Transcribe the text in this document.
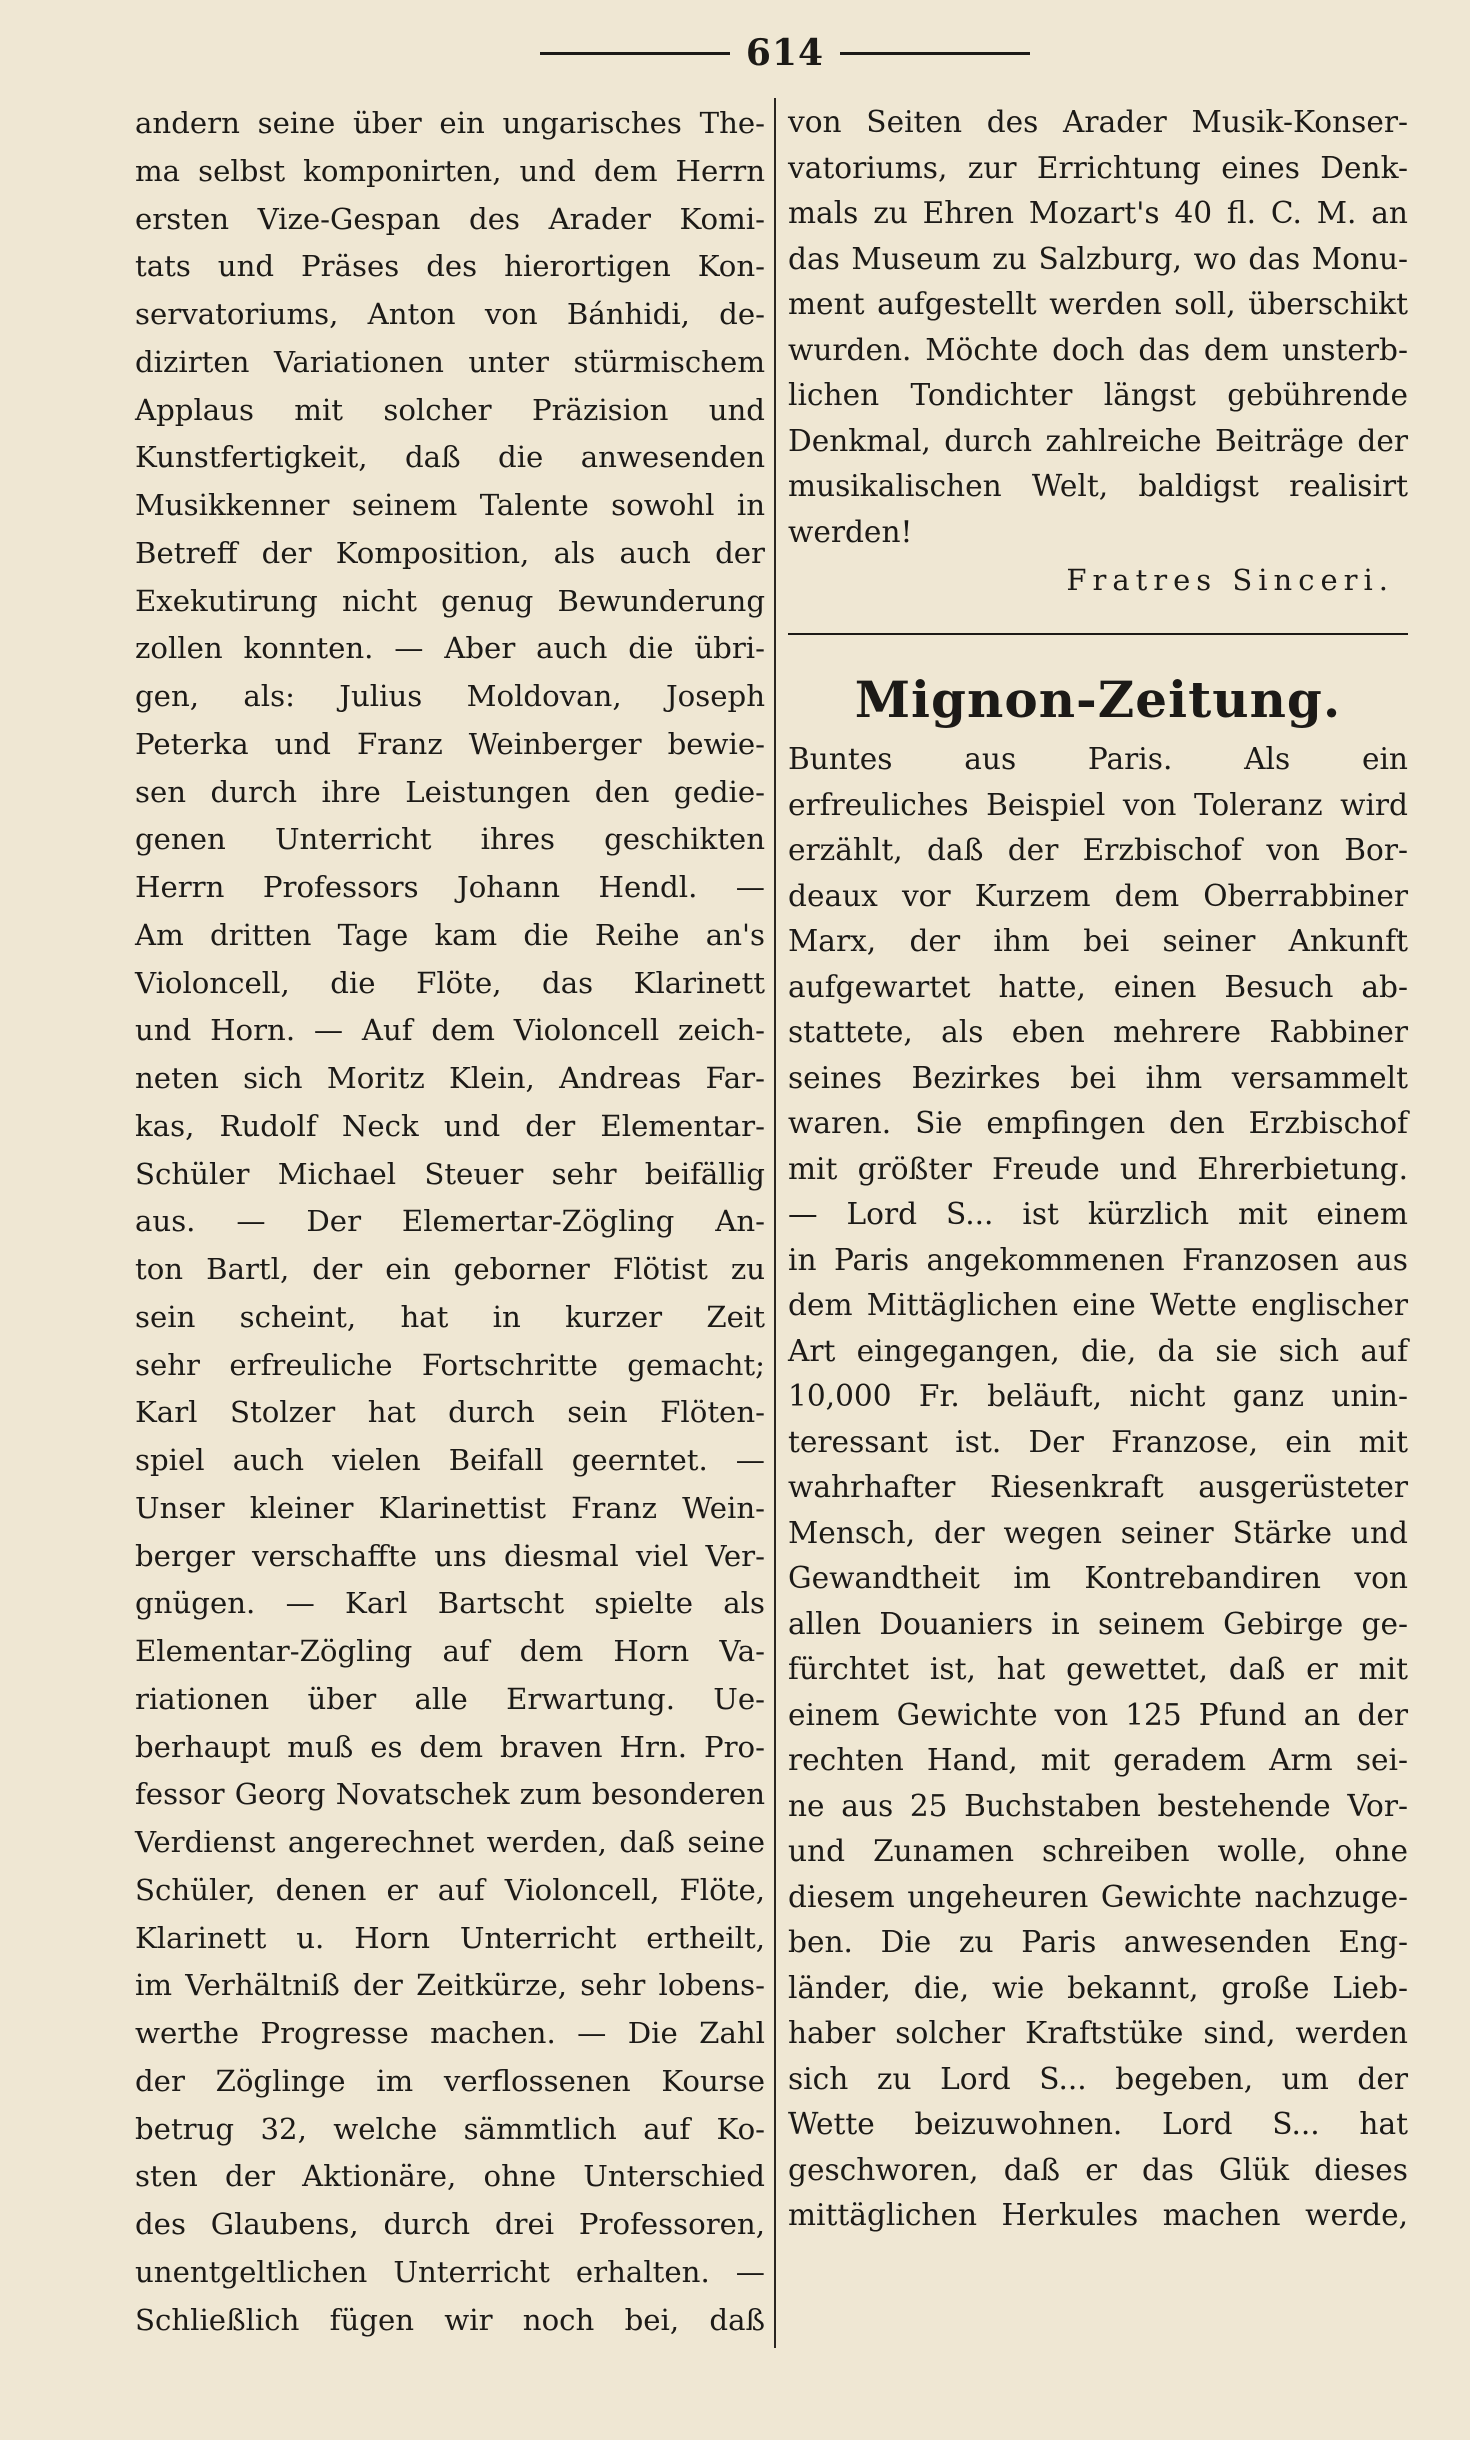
614
andern seine über ein ungarisches The-
ma selbst komponirten, und dem Herrn
ersten Vize-Gespan des Arader Komi-
tats und Präses des hierortigen Kon-
servatoriums, Anton von Bánhidi, de-
dizirten Variationen unter stürmischem
Applaus mit solcher Präzision und
Kunstfertigkeit, daß die anwesenden
Musikkenner seinem Talente sowohl in
Betreff der Komposition, als auch der
Exekutirung nicht genug Bewunderung
zollen konnten. — Aber auch die übri-
gen, als: Julius Moldovan, Joseph
Peterka und Franz Weinberger bewie-
sen durch ihre Leistungen den gedie-
genen Unterricht ihres geschikten
Herrn Professors Johann Hendl. —
Am dritten Tage kam die Reihe an's
Violoncell, die Flöte, das Klarinett
und Horn. — Auf dem Violoncell zeich-
neten sich Moritz Klein, Andreas Far-
kas, Rudolf Neck und der Elementar-
Schüler Michael Steuer sehr beifällig
aus. — Der Elemertar-Zögling An-
ton Bartl, der ein geborner Flötist zu
sein scheint, hat in kurzer Zeit
sehr erfreuliche Fortschritte gemacht;
Karl Stolzer hat durch sein Flöten-
spiel auch vielen Beifall geerntet. —
Unser kleiner Klarinettist Franz Wein-
berger verschaffte uns diesmal viel Ver-
gnügen. — Karl Bartscht spielte als
Elementar-Zögling auf dem Horn Va-
riationen über alle Erwartung. Ue-
berhaupt muß es dem braven Hrn. Pro-
fessor Georg Novatschek zum besonderen
Verdienst angerechnet werden, daß seine
Schüler, denen er auf Violoncell, Flöte,
Klarinett u. Horn Unterricht ertheilt,
im Verhältniß der Zeitkürze, sehr lobens-
werthe Progresse machen. — Die Zahl
der Zöglinge im verflossenen Kourse
betrug 32, welche sämmtlich auf Ko-
sten der Aktionäre, ohne Unterschied
des Glaubens, durch drei Professoren,
unentgeltlichen Unterricht erhalten. —
Schließlich fügen wir noch bei, daß
von Seiten des Arader Musik-Konser-
vatoriums, zur Errichtung eines Denk-
mals zu Ehren Mozart's 40 fl. C. M. an
das Museum zu Salzburg, wo das Monu-
ment aufgestellt werden soll, überschikt
wurden. Möchte doch das dem unsterb-
lichen Tondichter längst gebührende
Denkmal, durch zahlreiche Beiträge der
musikalischen Welt, baldigst realisirt
werden!
Fratres Sinceri.
Mignon-Zeitung.
Buntes aus Paris. Als ein
erfreuliches Beispiel von Toleranz wird
erzählt, daß der Erzbischof von Bor-
deaux vor Kurzem dem Oberrabbiner
Marx, der ihm bei seiner Ankunft
aufgewartet hatte, einen Besuch ab-
stattete, als eben mehrere Rabbiner
seines Bezirkes bei ihm versammelt
waren. Sie empfingen den Erzbischof
mit größter Freude und Ehrerbietung.
— Lord S... ist kürzlich mit einem
in Paris angekommenen Franzosen aus
dem Mittäglichen eine Wette englischer
Art eingegangen, die, da sie sich auf
10,000 Fr. beläuft, nicht ganz unin-
teressant ist. Der Franzose, ein mit
wahrhafter Riesenkraft ausgerüsteter
Mensch, der wegen seiner Stärke und
Gewandtheit im Kontrebandiren von
allen Douaniers in seinem Gebirge ge-
fürchtet ist, hat gewettet, daß er mit
einem Gewichte von 125 Pfund an der
rechten Hand, mit geradem Arm sei-
ne aus 25 Buchstaben bestehende Vor-
und Zunamen schreiben wolle, ohne
diesem ungeheuren Gewichte nachzuge-
ben. Die zu Paris anwesenden Eng-
länder, die, wie bekannt, große Lieb-
haber solcher Kraftstüke sind, werden
sich zu Lord S... begeben, um der
Wette beizuwohnen. Lord S... hat
geschworen, daß er das Glük dieses
mittäglichen Herkules machen werde,
